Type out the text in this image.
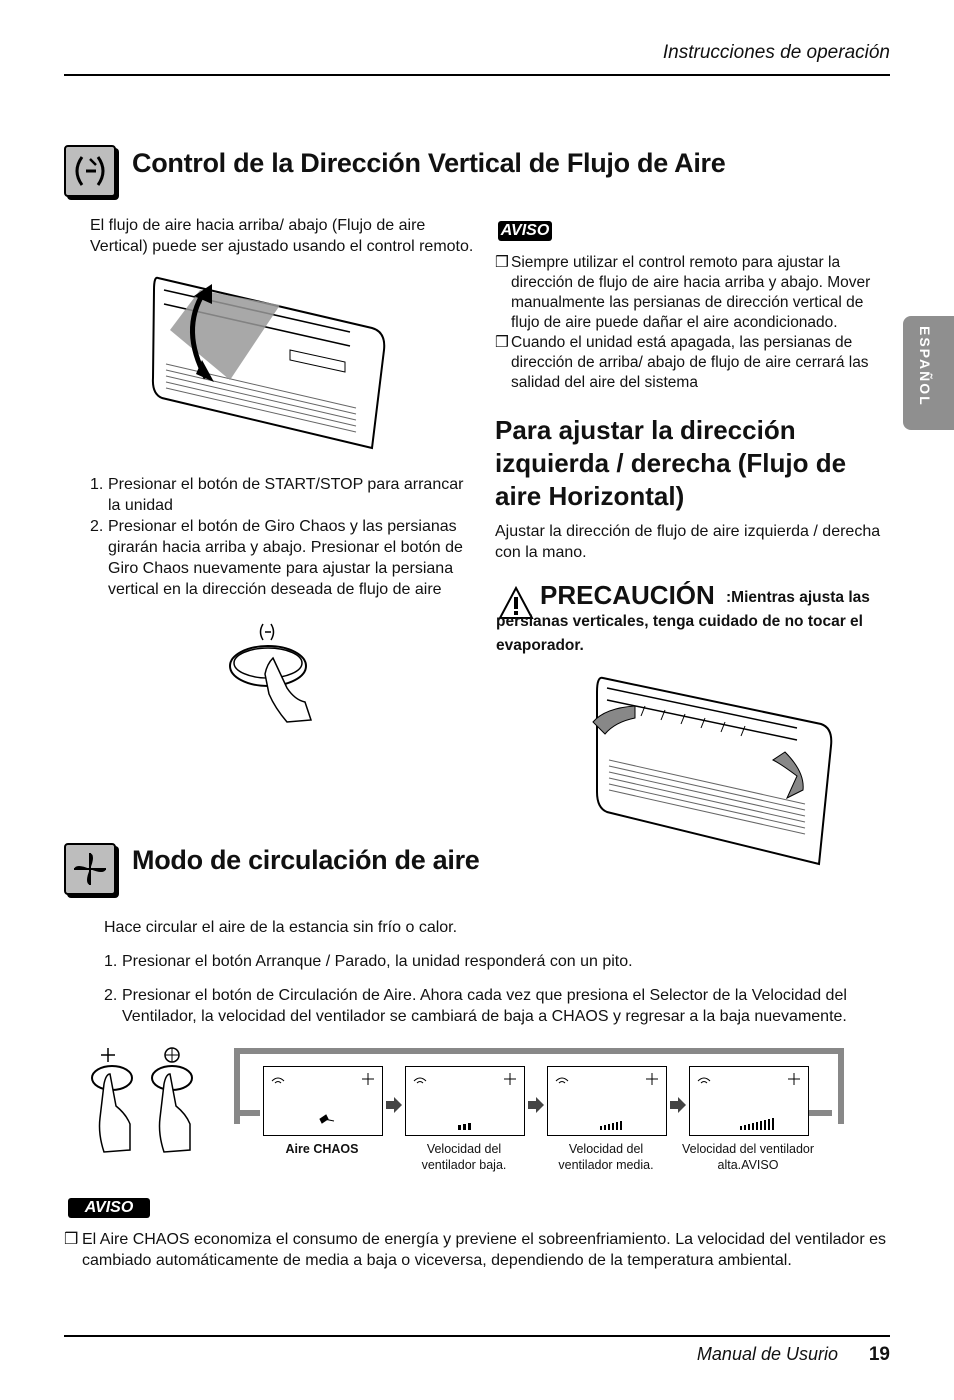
Instrucciones de operación
ESPAÑOL
Control de la Dirección Vertical de Flujo de Aire
El flujo de aire hacia arriba/ abajo (Flujo de aire Vertical) puede ser ajustado usando el control remoto.
1. Presionar el botón de START/STOP para arrancar la unidad
2. Presionar el botón de Giro Chaos y las persianas girarán hacia arriba y abajo. Presionar el botón de Giro Chaos nuevamente para ajustar la persiana vertical en la dirección deseada de flujo de aire
AVISO
❒ Siempre utilizar el control remoto para ajustar la dirección de flujo de aire hacia arriba y abajo. Mover manualmente las persianas de dirección vertical de flujo de aire puede dañar el aire acondicionado.
❒ Cuando el unidad está apagada, las persianas de dirección de arriba/ abajo de flujo de aire cerrará las salidad del aire del sistema
Para ajustar la dirección izquierda / derecha (Flujo de aire Horizontal)
Ajustar la dirección de flujo de aire izquierda / derecha con la mano.
PRECAUCIÓN :Mientras ajusta las persianas verticales, tenga cuidado de no tocar el evaporador.
Modo de circulación de aire
Hace circular el aire de la estancia sin frío o calor.
1. Presionar el botón Arranque / Parado, la unidad responderá con un pito.
2. Presionar el botón de Circulación de Aire. Ahora cada vez que presiona el Selector de la Velocidad del Ventilador, la velocidad del ventilador se cambiará de baja a CHAOS y regresar a la baja nuevamente.
Aire CHAOS	Velocidad del ventilador baja.
Velocidad del ventilador media.
Velocidad del ventilador alta.AVISO
AVISO
❒ El Aire CHAOS economiza el consumo de energía y previene el sobreenfriamiento. La velocidad del ventilador es cambiado automáticamente de media a baja o viceversa, dependiendo de la temperatura ambiental.
Manual de Usurio	19
